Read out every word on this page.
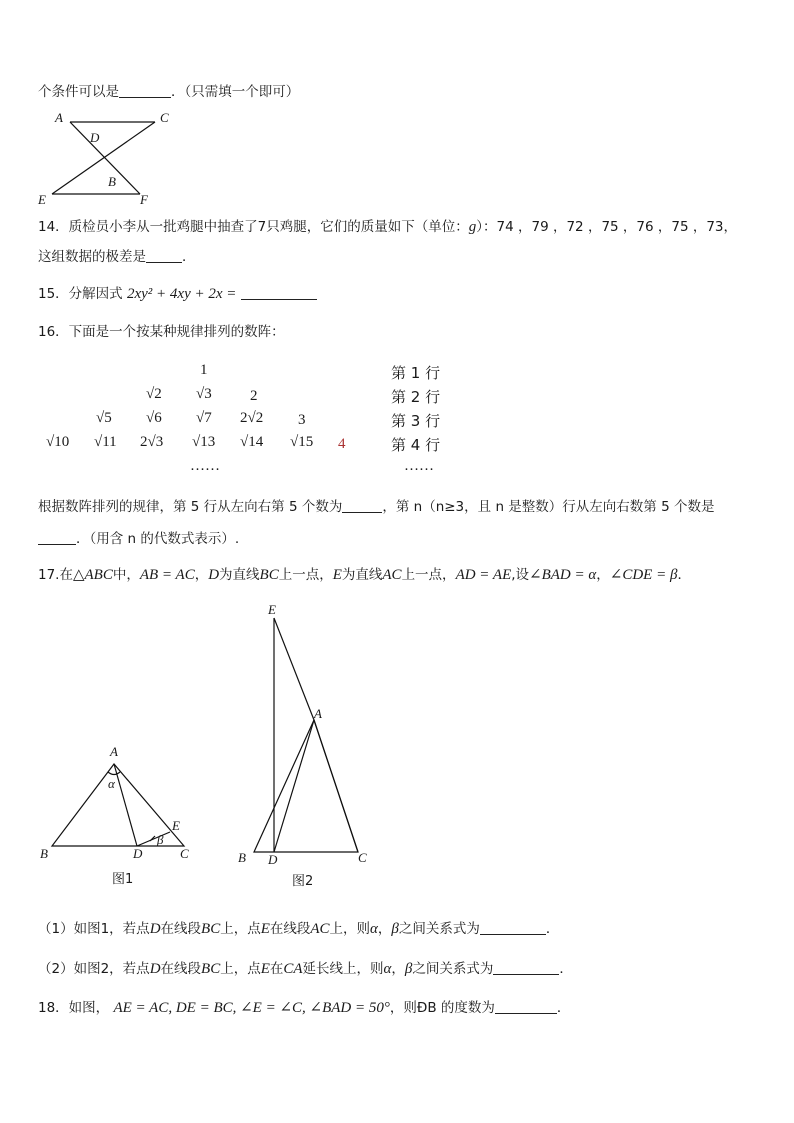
个条件可以是	．（只需填一个即可）
A	C
D
B
E	F
14．质检员小李从一批鸡腿中抽查了7只鸡腿，它们的质量如下（单位：g）：74 ，79 ，72 ，75 ，76 ，75 ，73，
这组数据的极差是	．
15．分解因式 2xy² + 4xy + 2x =
16．下面是一个按某种规律排列的数阵：
1
√2 √3	2
√5 √6 √7 2√2 3
√10 √11 2√3 √13 √14 √15 4
……
第 1 行
第 2 行
第 3 行
第 4 行
……
根据数阵排列的规律，第 5 行从左向右第 5 个数为	，第 n（n≥3，且 n 是整数）行从左向右数第 5 个数是
．（用含 n 的代数式表示）.
17.在△ABC中，AB = AC，D为直线BC上一点，E为直线AC上一点，AD = AE,设∠BAD = α，∠CDE = β．
A
α
B	D
β
E
C
图1
E
A
B D	C
图2
（1）如图1，若点D在线段BC上，点E在线段AC上，则α，β之间关系式为	．
（2）如图2，若点D在线段BC上，点E在CA延长线上，则α，β之间关系式为	．
18．如图， AE = AC, DE = BC, ∠E = ∠C, ∠BAD = 50°，则ÐB 的度数为	．
